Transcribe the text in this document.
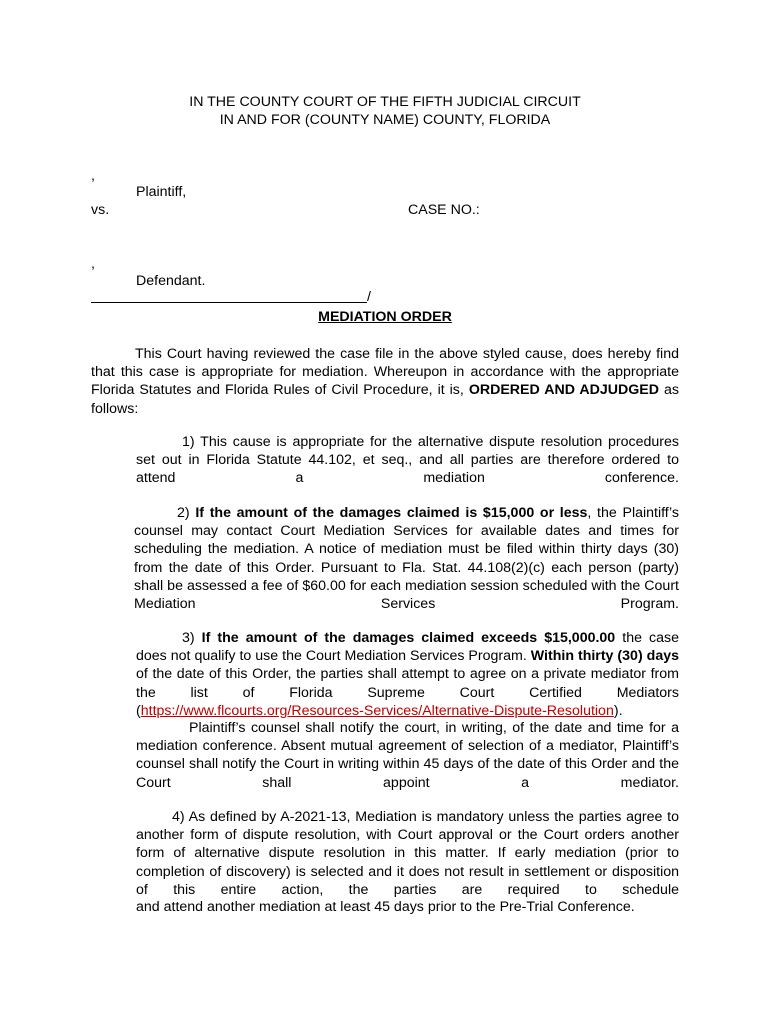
IN THE COUNTY COURT OF THE FIFTH JUDICIAL CIRCUIT

IN AND FOR (COUNTY NAME) COUNTY, FLORIDA

,

Plaintiff,

vs.	CASE NO.:

,

Defendant.

/

MEDIATION ORDER

This Court having reviewed the case file in the above styled cause, does hereby find that this case is appropriate for mediation. Whereupon in accordance with the appropriate Florida Statutes and Florida Rules of Civil Procedure, it is, ORDERED AND ADJUDGED as follows:

1) This cause is appropriate for the alternative dispute resolution procedures set out in Florida Statute 44.102, et seq., and all parties are therefore ordered to attend a mediation conference.

2) If the amount of the damages claimed is $15,000 or less, the Plaintiff’s counsel may contact Court Mediation Services for available dates and times for scheduling the mediation. A notice of mediation must be filed within thirty days (30) from the date of this Order. Pursuant to Fla. Stat. 44.108(2)(c) each person (party) shall be assessed a fee of $60.00 for each mediation session scheduled with the Court Mediation Services Program.

3) If the amount of the damages claimed exceeds $15,000.00 the case does not qualify to use the Court Mediation Services Program. Within thirty (30) days of the date of this Order, the parties shall attempt to agree on a private mediator from the list of Florida Supreme Court Certified Mediators (https://www.flcourts.org/Resources-Services/Alternative-Dispute-Resolution).

Plaintiff’s counsel shall notify the court, in writing, of the date and time for a mediation conference. Absent mutual agreement of selection of a mediator, Plaintiff’s counsel shall notify the Court in writing within 45 days of the date of this Order and the Court shall appoint a mediator.

4) As defined by A-2021-13, Mediation is mandatory unless the parties agree to another form of dispute resolution, with Court approval or the Court orders another form of alternative dispute resolution in this matter. If early mediation (prior to completion of discovery) is selected and it does not result in settlement or disposition of this entire action, the parties are required to schedule

and attend another mediation at least 45 days prior to the Pre-Trial Conference.
